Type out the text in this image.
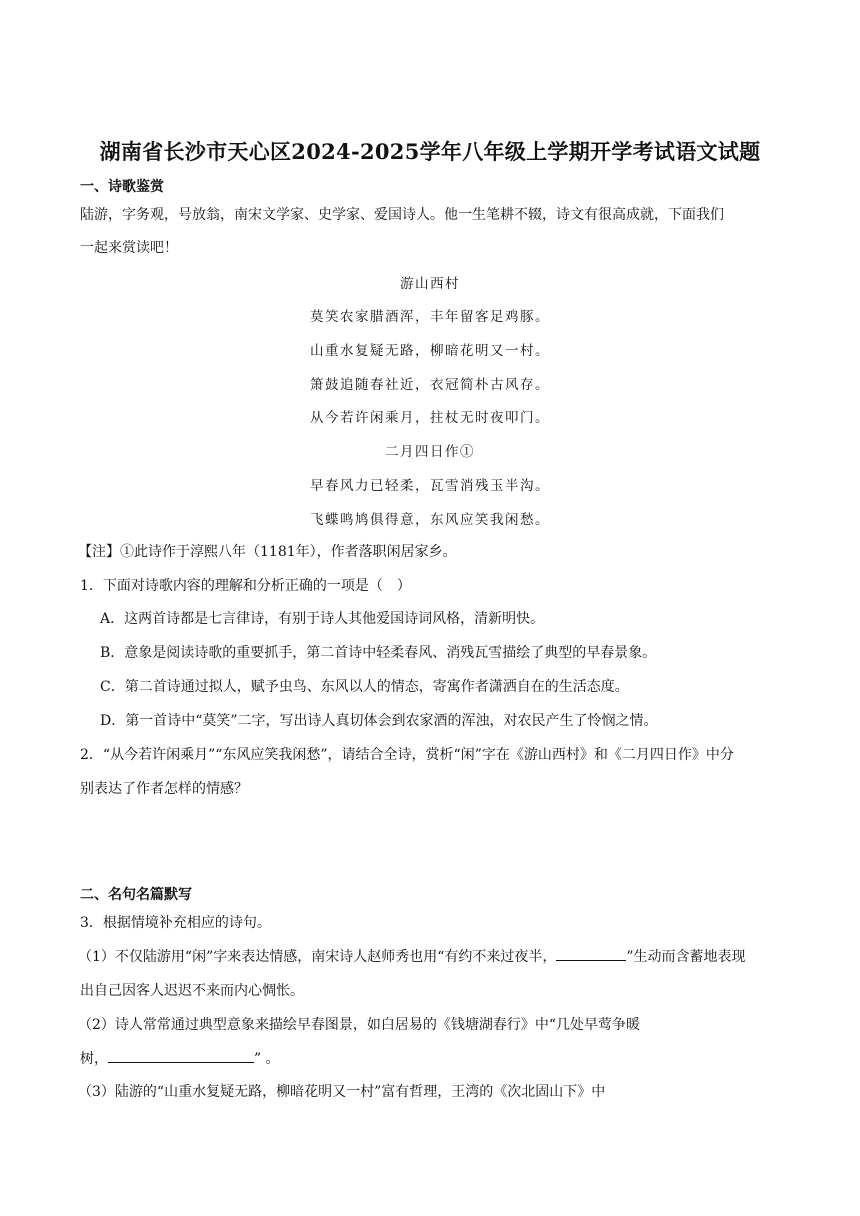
湖南省长沙市天心区2024-2025学年八年级上学期开学考试语文试题
一、诗歌鉴赏
陆游，字务观，号放翁，南宋文学家、史学家、爱国诗人。他一生笔耕不辍，诗文有很高成就，下面我们
一起来赏读吧！
游山西村
莫笑农家腊酒浑，丰年留客足鸡豚。
山重水复疑无路，柳暗花明又一村。
箫鼓追随春社近，衣冠简朴古风存。
从今若许闲乘月，拄杖无时夜叩门。
二月四日作①
早春风力已轻柔，瓦雪消残玉半沟。
飞蝶鸣鸠俱得意，东风应笑我闲愁。
【注】①此诗作于淳熙八年（1181年），作者落职闲居家乡。
1．下面对诗歌内容的理解和分析正确的一项是（　）
A．这两首诗都是七言律诗，有别于诗人其他爱国诗词风格，清新明快。
B．意象是阅读诗歌的重要抓手，第二首诗中轻柔春风、消残瓦雪描绘了典型的早春景象。
C．第二首诗通过拟人，赋予虫鸟、东风以人的情态，寄寓作者潇洒自在的生活态度。
D．第一首诗中“莫笑”二字，写出诗人真切体会到农家酒的浑浊，对农民产生了怜悯之情。
2．“从今若许闲乘月”“东风应笑我闲愁”，请结合全诗，赏析“闲”字在《游山西村》和《二月四日作》中分
别表达了作者怎样的情感？
二、名句名篇默写
3．根据情境补充相应的诗句。
（1）不仅陆游用“闲”字来表达情感，南宋诗人赵师秀也用“有约不来过夜半，	”生动而含蓄地表现
出自己因客人迟迟不来而内心惆怅。
（2）诗人常常通过典型意象来描绘早春图景，如白居易的《钱塘湖春行》中“几处早莺争暖
树，	” 。
（3）陆游的“山重水复疑无路，柳暗花明又一村”富有哲理，王湾的《次北固山下》中
